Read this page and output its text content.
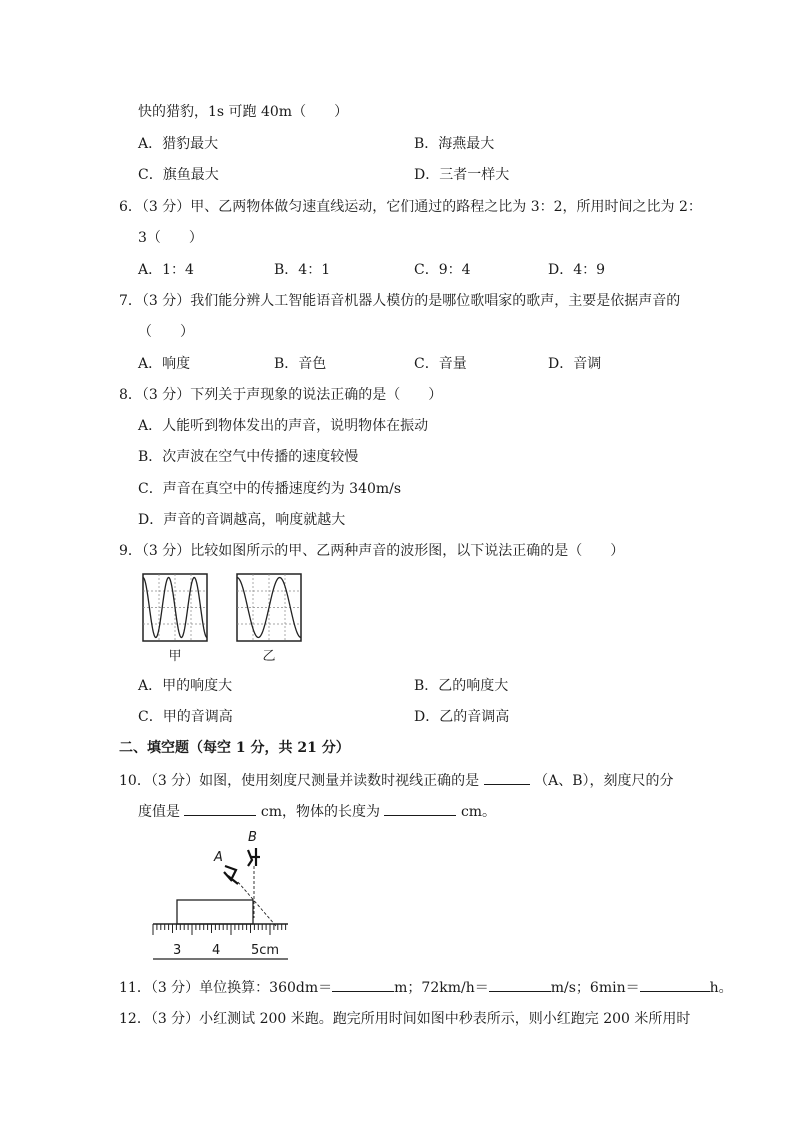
快的猎豹，1s 可跑 40m（　　）
A．猎豹最大	B．海燕最大
C．旗鱼最大	D．三者一样大
6．（3 分）甲、乙两物体做匀速直线运动，它们通过的路程之比为 3：2，所用时间之比为 2：
3（　　）
A．1：4	B．4：1	C．9：4	D．4：9
7．（3 分）我们能分辨人工智能语音机器人模仿的是哪位歌唱家的歌声，主要是依据声音的
（　　）
A．响度	B．音色	C．音量	D．音调
8．（3 分）下列关于声现象的说法正确的是（　　）
A．人能听到物体发出的声音，说明物体在振动
B．次声波在空气中传播的速度较慢
C．声音在真空中的传播速度约为 340m/s
D．声音的音调越高，响度就越大
9．（3 分）比较如图所示的甲、乙两种声音的波形图，以下说法正确的是（　　）
甲	乙
A．甲的响度大	B．乙的响度大
C．甲的音调高	D．乙的音调高
二、填空题（每空 1 分，共 21 分）
10．（3 分）如图，使用刻度尺测量并读数时视线正确的是	（A、B），刻度尺的分
度值是	cm，物体的长度为	cm。
B
A
3 4 5cm
11．（3 分）单位换算：360dm＝	m；72km/h＝	m/s；6min＝	h。
12．（3 分）小红测试 200 米跑。跑完所用时间如图中秒表所示，则小红跑完 200 米所用时
